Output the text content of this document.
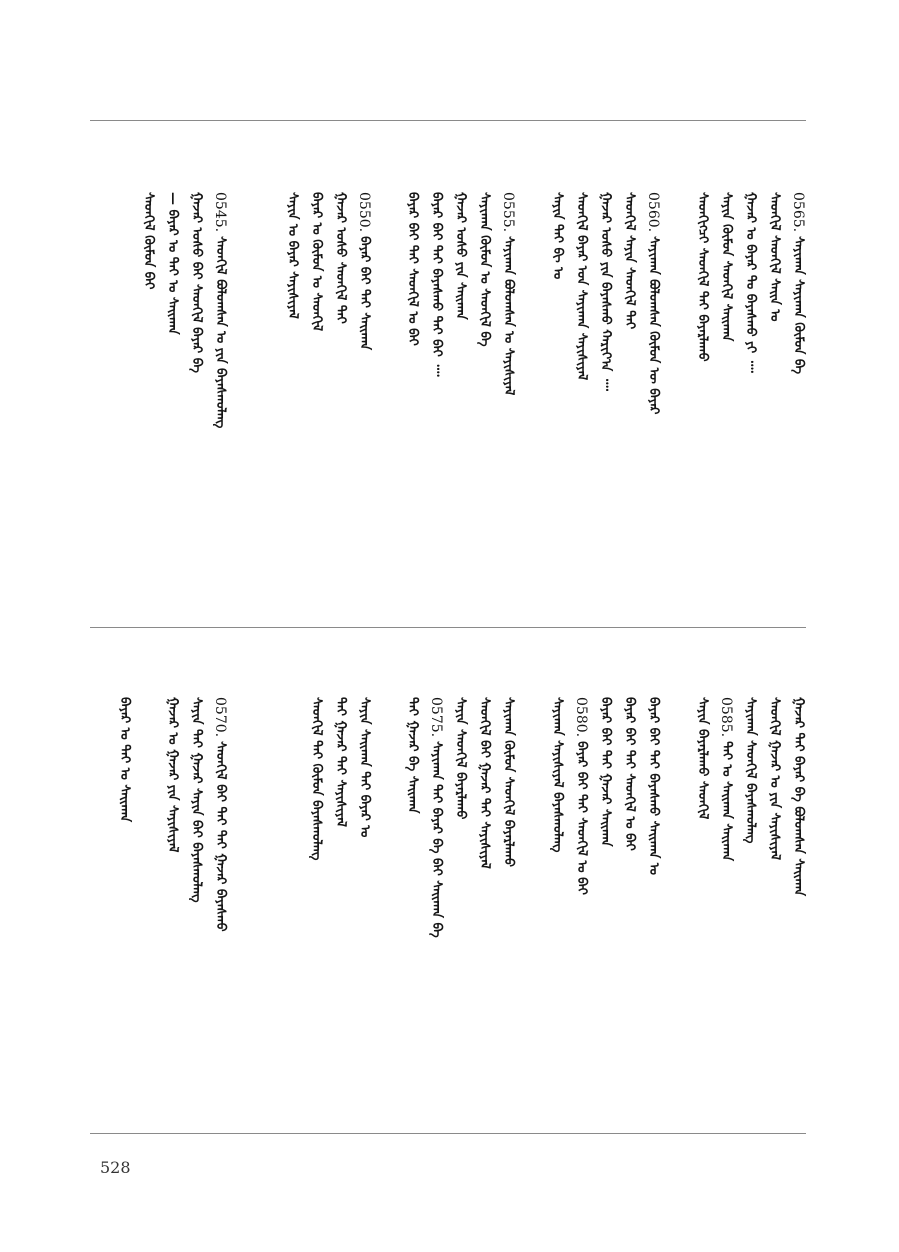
0565.ᠰᠠᠶᠢᠬᠠᠨ ᠰᠠᠶᠢᠬᠠᠨ ᠬᠦᠮᠦᠨ ᠪᠡ
ᠰᠡᠳᠬᠢᠯ ᠰᠡᠳᠬᠢᠯ ᠰᠠᠢᠨ ᠤ
ᠭᠠᠵᠠᠷ ᠤ ᠪᠠᠶᠠᠷ ᠲᠤ ᠪᠠᠶᠠᠰᠬᠤ ᠶᠢ ᠁
ᠰᠠᠶᠢᠨ ᠬᠦᠮᠦᠨ ᠰᠡᠳᠬᠢᠯ ᠰᠠᠢᠬᠠᠨ
ᠰᠡᠳᠬᠢᠭᠴᠢ ᠰᠡᠳᠬᠢᠯ ᠲᠠᠢ ᠪᠠᠶᠠᠷᠯᠠᠬᠤ
0560.ᠰᠠᠶᠢᠬᠠᠨ ᠪᠣᠯᠤᠭᠰᠠᠨ ᠬᠦᠮᠦᠨ ᠦ ᠪᠠᠶᠠᠷ
ᠰᠡᠳᠬᠢᠯ ᠰᠠᠶᠢᠨ ᠰᠡᠳᠬᠢᠯ ᠲᠠᠢ
ᠭᠠᠵᠠᠷ ᠤᠰᠤ ᠶᠢᠨ ᠪᠠᠶᠠᠰᠬᠤ ᠬᠠᠷᠢᠶ᠎ᠠ ᠁
ᠰᠡᠳᠬᠢᠯ ᠪᠠᠶᠠᠷ ᠤᠨ ᠰᠠᠶᠢᠬᠠᠨ ᠰᠠᠶᠢᠰᠢᠶᠠᠯ
ᠰᠠᠶᠢᠨ ᠲᠠᠢ ᠪᠢ ᠤ
0555.ᠰᠠᠶᠢᠬᠠᠨ ᠪᠣᠯᠤᠭᠰᠠᠨ ᠤ ᠰᠠᠶᠢᠰᠢᠶᠠᠯ
ᠰᠠᠶᠢᠬᠠᠨ ᠬᠦᠮᠦᠨ ᠤ ᠰᠡᠳᠬᠢᠯ ᠪᠡ
ᠭᠠᠵᠠᠷ ᠤᠰᠤ ᠶᠢᠨ ᠰᠠᠢᠬᠠᠨ
ᠪᠠᠶᠠᠷ ᠪᠠᠢ ᠲᠠᠢ ᠪᠠᠶᠠᠰᠬᠤ ᠲᠠᠢ ᠪᠠᠢ ᠁
ᠪᠠᠶᠠᠷ ᠪᠠᠢ ᠲᠠᠢ ᠰᠡᠳᠬᠢᠯ ᠤ ᠪᠠᠢ
0550.ᠪᠠᠶᠠᠷ ᠪᠠᠢ ᠲᠠᠢ ᠰᠠᠢᠬᠠᠨ
ᠭᠠᠵᠠᠷ ᠤᠰᠤ ᠰᠡᠳᠬᠢᠯ ᠲᠠᠢ
ᠪᠠᠶᠠᠷ ᠤ ᠬᠦᠮᠦᠨ ᠤ ᠰᠡᠳᠬᠢᠯ
ᠰᠠᠶᠢᠨ ᠤ ᠪᠠᠶᠠᠷ ᠰᠠᠶᠢᠰᠢᠶᠠᠯ
0545.ᠰᠡᠳᠬᠢᠯ ᠪᠣᠯᠤᠭᠰᠠᠨ ᠤ ᠶᠢᠨ ᠪᠠᠶᠠᠰᠬᠤᠯᠠᠩ
ᠭᠠᠵᠠᠷ ᠤᠰᠤ ᠪᠠᠢ ᠰᠡᠳᠬᠢᠯ ᠪᠠᠶᠠᠷ ᠪᠡ
— ᠪᠠᠶᠠᠷ ᠤ ᠲᠠᠢ ᠤ ᠰᠠᠢᠬᠠᠨ
ᠰᠡᠳᠬᠢᠯ ᠬᠦᠮᠦᠨ ᠪᠠᠢ
ᠭᠠᠵᠠᠷ ᠲᠠᠢ ᠪᠠᠶᠠᠷ ᠪᠡ ᠪᠣᠯᠤᠭᠰᠠᠨ ᠰᠠᠢᠬᠠᠨ
ᠰᠡᠳᠬᠢᠯ ᠭᠠᠵᠠᠷ ᠤ ᠶᠢᠨ ᠰᠠᠶᠢᠰᠢᠶᠠᠯ
ᠰᠠᠶᠢᠬᠠᠨ ᠰᠡᠳᠬᠢᠯ ᠪᠠᠶᠠᠰᠬᠤᠯᠠᠩ
0585.ᠲᠠᠢ ᠤ ᠰᠠᠢᠬᠠᠨ ᠰᠠᠢᠬᠠᠨ
ᠰᠠᠶᠢᠨ ᠪᠠᠶᠠᠷᠯᠠᠬᠤ ᠰᠡᠳᠬᠢᠯ
ᠪᠠᠶᠠᠷ ᠪᠠᠢ ᠲᠠᠢ ᠪᠠᠶᠠᠰᠬᠤ ᠰᠠᠢᠬᠠᠨ ᠤ
ᠪᠠᠶᠠᠷ ᠪᠠᠢ ᠲᠠᠢ ᠰᠡᠳᠬᠢᠯ ᠤ ᠪᠠᠢ
ᠪᠠᠶᠠᠷ ᠪᠠᠢ ᠲᠠᠢ ᠭᠠᠵᠠᠷ ᠰᠠᠢᠬᠠᠨ
0580.ᠪᠠᠶᠠᠷ ᠪᠠᠢ ᠲᠠᠢ ᠰᠡᠳᠬᠢᠯ ᠤ ᠪᠠᠢ
ᠰᠠᠶᠢᠬᠠᠨ ᠰᠠᠶᠢᠰᠢᠶᠠᠯ ᠪᠠᠶᠠᠰᠬᠤᠯᠠᠩ
ᠰᠠᠶᠢᠬᠠᠨ ᠬᠦᠮᠦᠨ ᠰᠡᠳᠬᠢᠯ ᠪᠠᠶᠠᠷᠯᠠᠬᠤ
ᠰᠡᠳᠬᠢᠯ ᠪᠠᠢ ᠭᠠᠵᠠᠷ ᠲᠠᠢ ᠰᠠᠶᠢᠰᠢᠶᠠᠯ
ᠰᠠᠶᠢᠨ ᠰᠡᠳᠬᠢᠯ ᠪᠠᠶᠠᠷᠯᠠᠬᠤ
0575.ᠰᠠᠶᠢᠬᠠᠨ ᠲᠠᠢ ᠪᠠᠶᠠᠷ ᠪᠡ ᠪᠠᠢ ᠰᠠᠢᠬᠠᠨ ᠪᠡ
ᠲᠠᠢ ᠭᠠᠵᠠᠷ ᠪᠡ ᠰᠠᠢᠬᠠᠨ
ᠰᠠᠶᠢᠨ ᠰᠠᠢᠬᠠᠨ ᠲᠠᠢ ᠪᠠᠶᠠᠷ ᠤ
ᠲᠠᠢ ᠭᠠᠵᠠᠷ ᠲᠠᠢ ᠰᠠᠶᠢᠰᠢᠶᠠᠯ
ᠰᠡᠳᠬᠢᠯ ᠲᠠᠢ ᠬᠦᠮᠦᠨ ᠪᠠᠶᠠᠰᠬᠤᠯᠠᠩ
0570.ᠰᠡᠳᠬᠢᠯ ᠪᠠᠢ ᠲᠠᠢ ᠲᠠᠢ ᠭᠠᠵᠠᠷ ᠪᠠᠶᠠᠰᠬᠤ
ᠰᠠᠶᠢᠨ ᠲᠠᠢ ᠭᠠᠵᠠᠷ ᠰᠠᠶᠢᠨ ᠪᠠᠢ ᠪᠠᠶᠠᠰᠬᠤᠯᠠᠩ
ᠭᠠᠵᠠᠷ ᠤ ᠭᠠᠵᠠᠷ ᠶᠢᠨ ᠰᠠᠶᠢᠰᠢᠶᠠᠯ
ᠪᠠᠶᠠᠷ ᠤ ᠲᠠᠢ ᠤ ᠰᠠᠢᠬᠠᠨ
528
